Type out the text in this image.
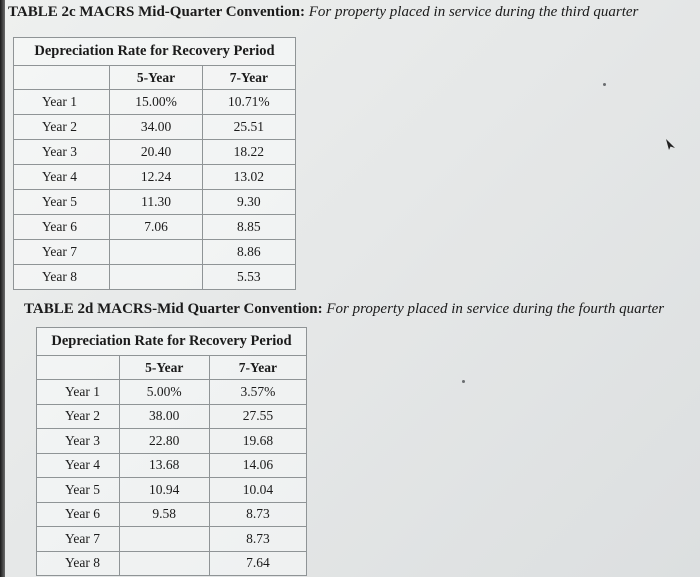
TABLE 2c MACRS Mid-Quarter Convention: For property placed in service during the third quarter
Depreciation Rate for Recovery Period		
	5-Year	7-Year
Year 1	15.00%	10.71%
Year 2	34.00	25.51
Year 3	20.40	18.22
Year 4	12.24	13.02
Year 5	11.30	9.30
Year 6	7.06	8.85
Year 7		8.86
Year 8		5.53
TABLE 2d MACRS-Mid Quarter Convention: For property placed in service during the fourth quarter
Depreciation Rate for Recovery Period		
	5-Year	7-Year
Year 1	5.00%	3.57%
Year 2	38.00	27.55
Year 3	22.80	19.68
Year 4	13.68	14.06
Year 5	10.94	10.04
Year 6	9.58	8.73
Year 7		8.73
Year 8		7.64
